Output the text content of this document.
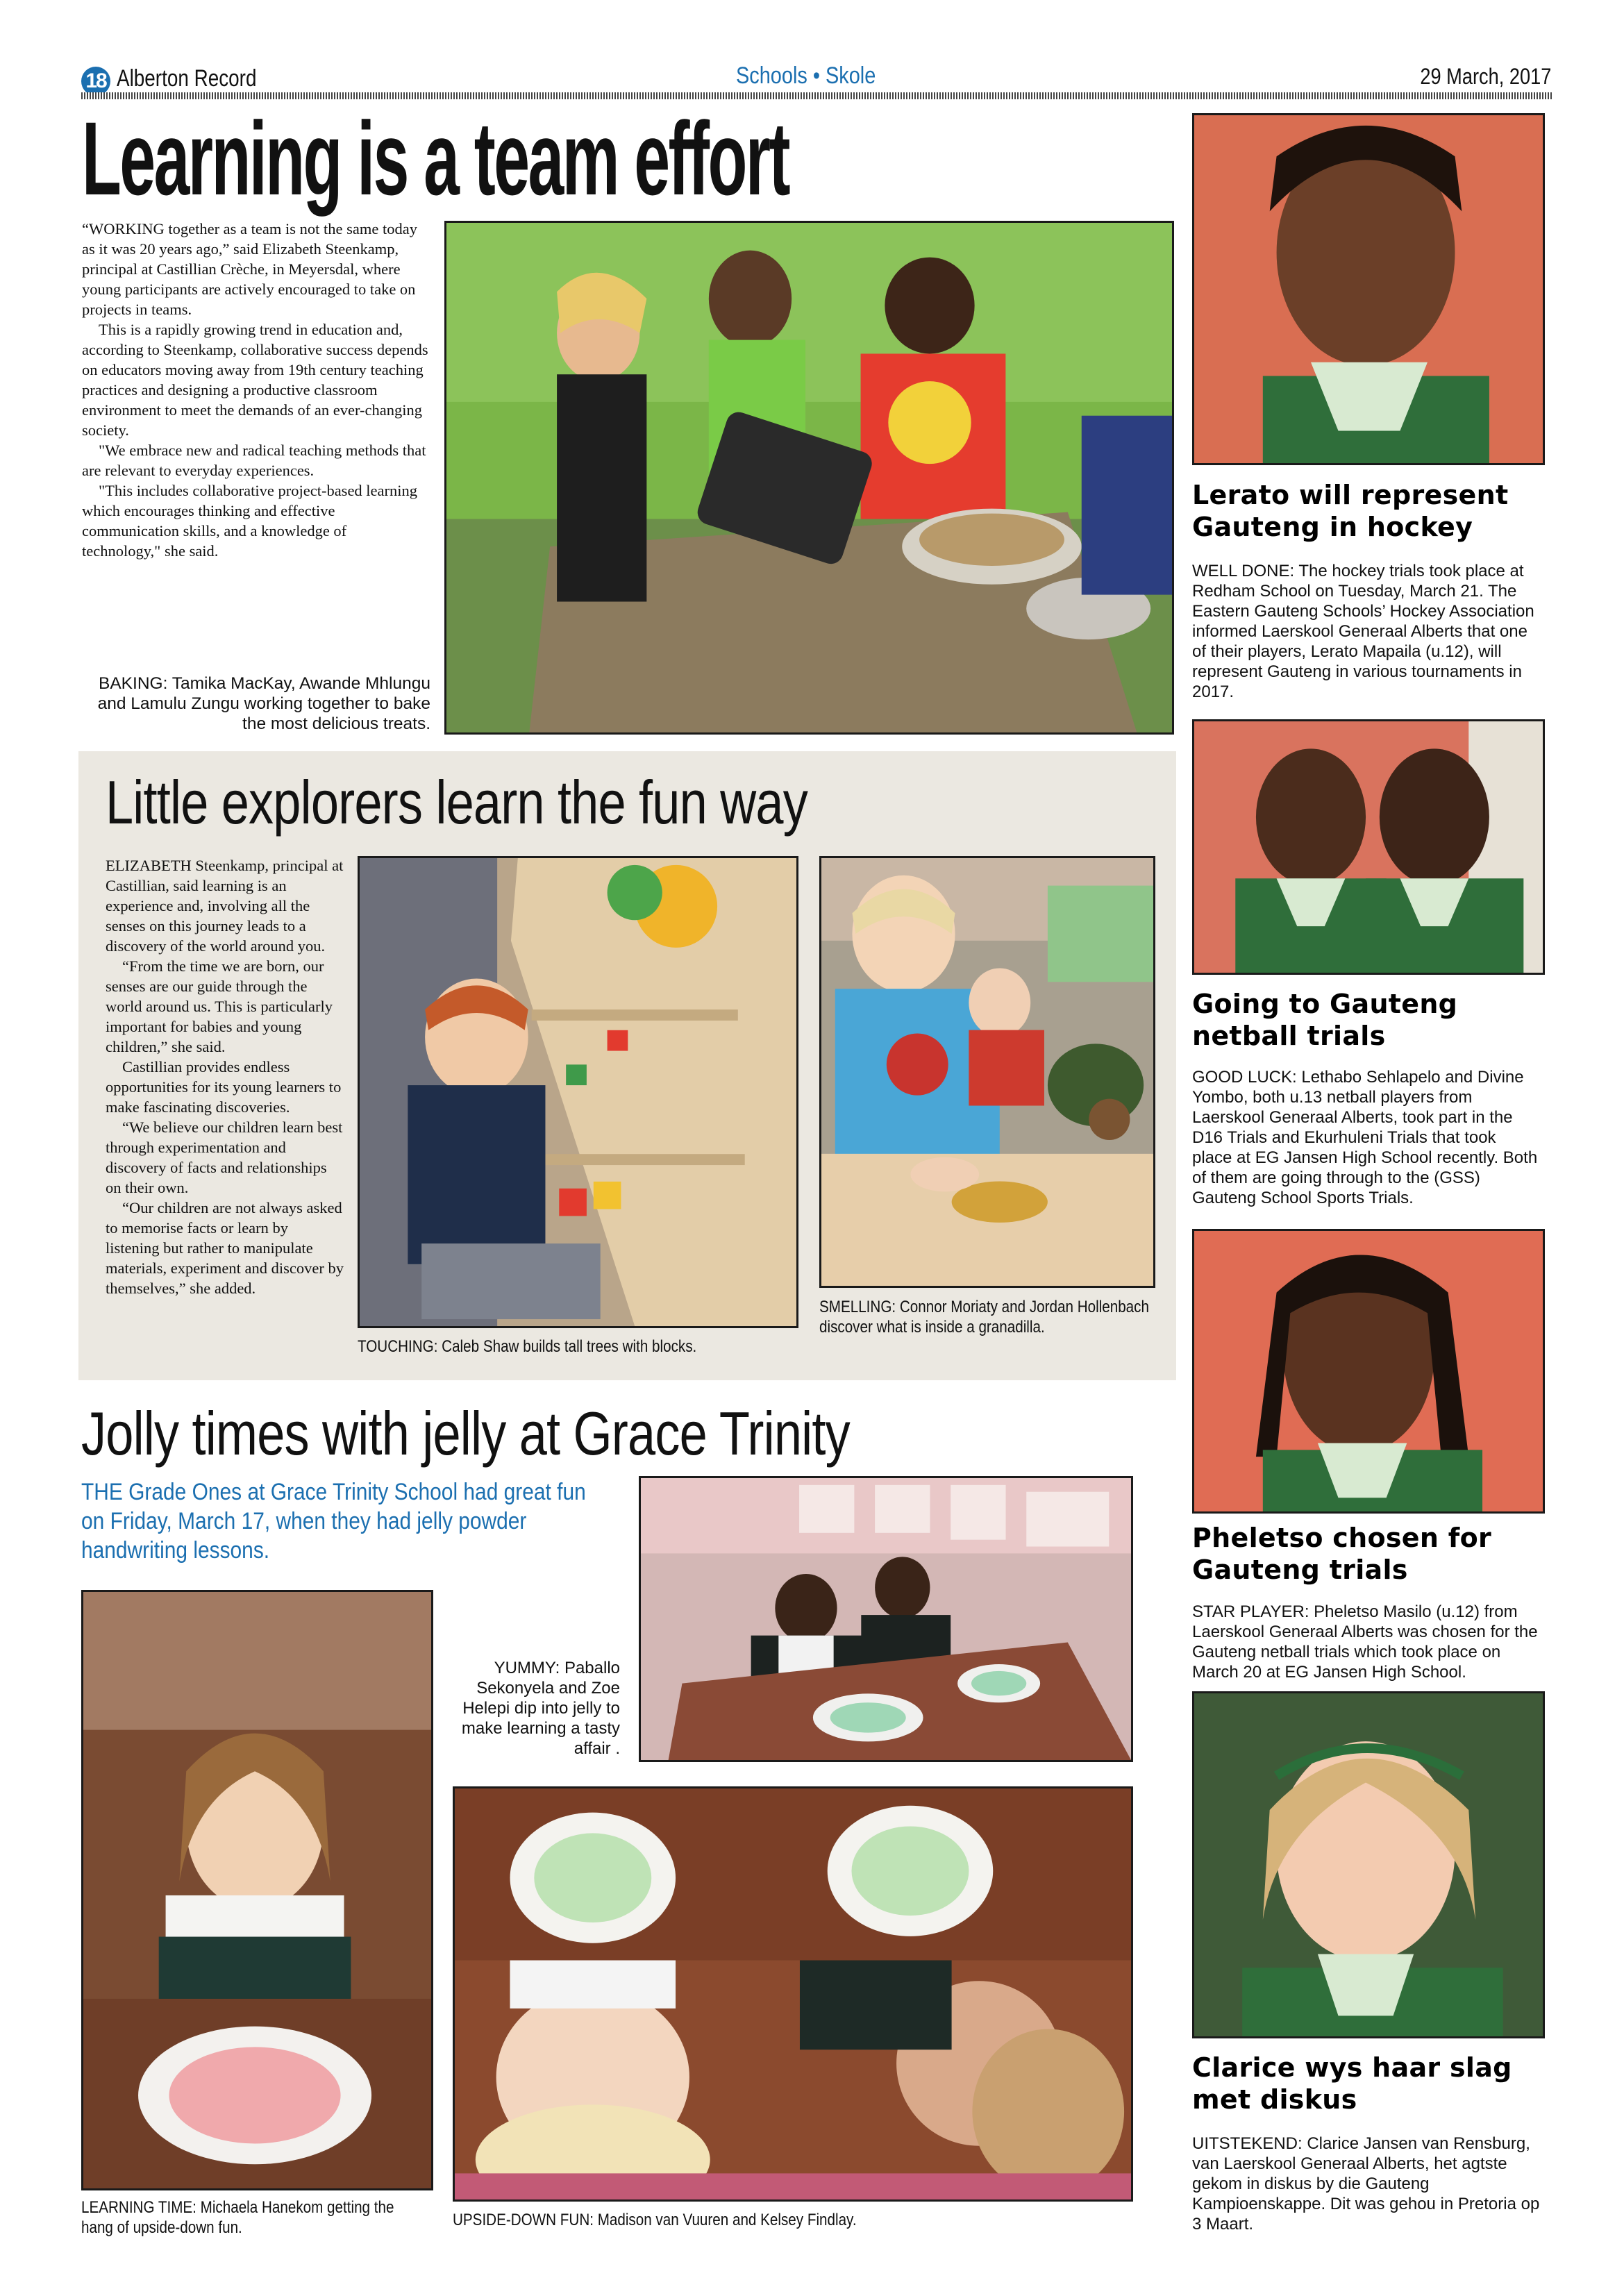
18 Alberton Record	Schools • Skole	29 March, 2017
Learning is a team effort

“WORKING together as a team is not the same today as it was 20 years ago,” said Elizabeth Steenkamp, principal at Castillian Crèche, in Meyersdal, where young participants are actively encouraged to take on projects in teams.

This is a rapidly growing trend in education and, according to Steenkamp, collaborative success depends on educators moving away from 19th century teaching practices and designing a productive classroom environment to meet the demands of an ever-changing society.

"We embrace new and radical teaching methods that are relevant to everyday experiences.

"This includes collaborative project-based learning which encourages thinking and effective communication skills, and a knowledge of technology," she said.

BAKING: Tamika MacKay, Awande Mhlungu and Lamulu Zungu working together to bake the most delicious treats.
Little explorers learn the fun way

ELIZABETH Steenkamp, principal at Castillian, said learning is an experience and, involving all the senses on this journey leads to a discovery of the world around you.

“From the time we are born, our senses are our guide through the world around us. This is particularly important for babies and young children,” she said.

Castillian provides endless opportunities for its young learners to make fascinating discoveries.

“We believe our children learn best through experimentation and discovery of facts and relationships on their own.

“Our children are not always asked to memorise facts or learn by listening but rather to manipulate materials, experiment and discover by themselves,” she added.

TOUCHING: Caleb Shaw builds tall trees with blocks.
SMELLING: Connor Moriaty and Jordan Hollenbach discover what is inside a granadilla.
Jolly times with jelly at Grace Trinity
THE Grade Ones at Grace Trinity School had great fun on Friday, March 17, when they had jelly powder handwriting lessons.
YUMMY: Paballo Sekonyela and Zoe Helepi dip into jelly to make learning a tasty affair .
LEARNING TIME: Michaela Hanekom getting the hang of upside-down fun.	UPSIDE-DOWN FUN: Madison van Vuuren and Kelsey Findlay.
Lerato will represent Gauteng in hockey
WELL DONE: The hockey trials took place at Redham School on Tuesday, March 21. The Eastern Gauteng Schools’ Hockey Association informed Laerskool Generaal Alberts that one of their players, Lerato Mapaila (u.12), will represent Gauteng in various tournaments in 2017.
Going to Gauteng netball trials
GOOD LUCK: Lethabo Sehlapelo and Divine Yombo, both u.13 netball players from Laerskool Generaal Alberts, took part in the D16 Trials and Ekurhuleni Trials that took place at EG Jansen High School recently. Both of them are going through to the (GSS) Gauteng School Sports Trials.
Pheletso chosen for Gauteng trials
STAR PLAYER: Pheletso Masilo (u.12) from Laerskool Generaal Alberts was chosen for the Gauteng netball trials which took place on March 20 at EG Jansen High School.
Clarice wys haar slag met diskus
UITSTEKEND: Clarice Jansen van Rensburg, van Laerskool Generaal Alberts, het agtste gekom in diskus by die Gauteng Kampioenskappe. Dit was gehou in Pretoria op 3 Maart.
